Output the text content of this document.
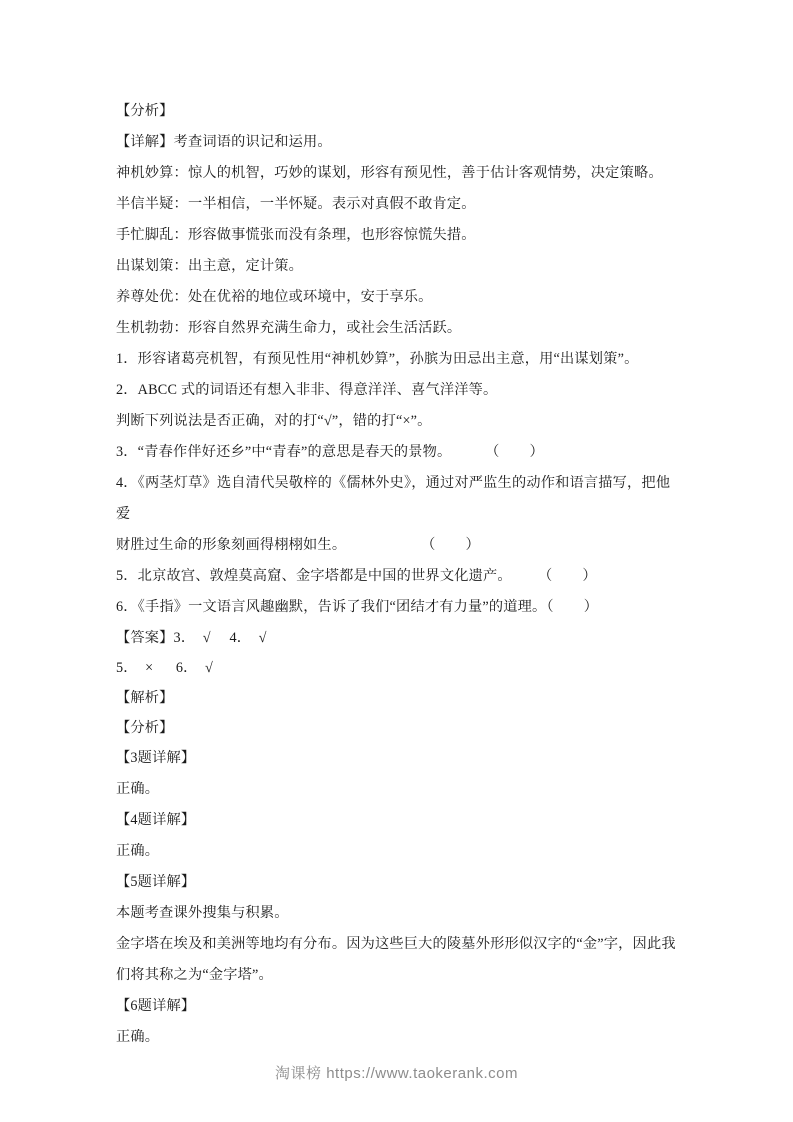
【分析】
【详解】考查词语的识记和运用。
神机妙算：惊人的机智，巧妙的谋划，形容有预见性，善于估计客观情势，决定策略。
半信半疑：一半相信，一半怀疑。表示对真假不敢肯定。
手忙脚乱：形容做事慌张而没有条理，也形容惊慌失措。
出谋划策：出主意，定计策。
养尊处优：处在优裕的地位或环境中，安于享乐。
生机勃勃：形容自然界充满生命力，或社会生活活跃。
1．形容诸葛亮机智，有预见性用“神机妙算”，孙膑为田忌出主意，用“出谋划策”。
2．ABCC 式的词语还有想入非非、得意洋洋、喜气洋洋等。
判断下列说法是否正确，对的打“√”，错的打“×”。
3．“青春作伴好还乡”中“青春”的意思是春天的景物。         （        ）
4．《两茎灯草》选自清代吴敬梓的《儒林外史》，通过对严监生的动作和语言描写，把他爱
财胜过生命的形象刻画得栩栩如生。                    （        ）
5．北京故宫、敦煌莫高窟、金字塔都是中国的世界文化遗产。       （        ）
6．《手指》一文语言风趣幽默，告诉了我们“团结才有力量”的道理。（        ）
【答案】3．  √     4．  √
5．  ×      6．  √
【解析】
【分析】
【3题详解】
正确。
【4题详解】
正确。
【5题详解】
本题考查课外搜集与积累。
金字塔在埃及和美洲等地均有分布。因为这些巨大的陵墓外形形似汉字的“金”字，因此我
们将其称之为“金字塔”。
【6题详解】
正确。
淘课榜 https://www.taokerank.com
